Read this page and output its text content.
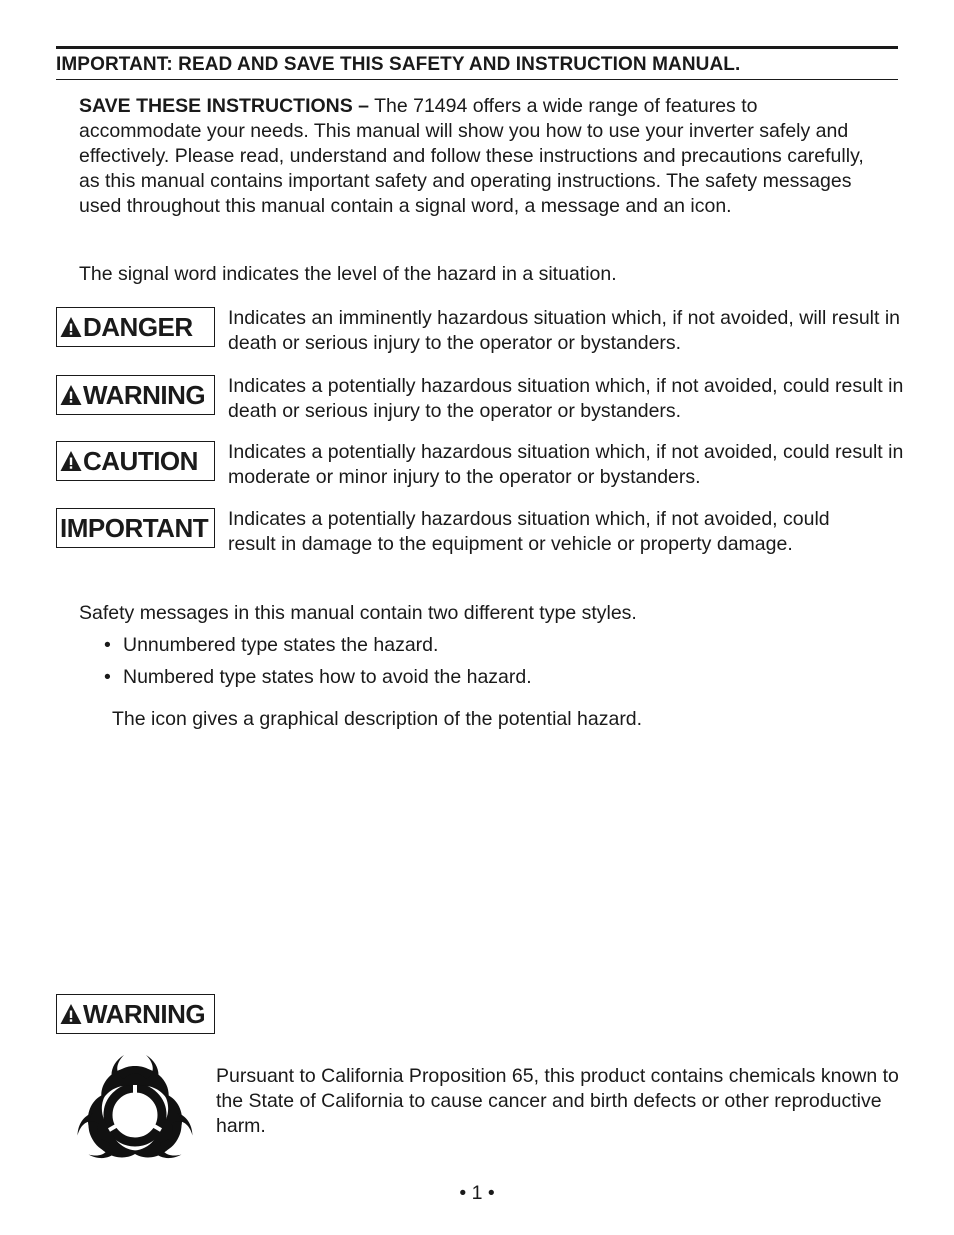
IMPORTANT: READ AND SAVE THIS SAFETY AND INSTRUCTION MANUAL.
SAVE THESE INSTRUCTIONS – The 71494 offers a wide range of features to accommodate your needs. This manual will show you how to use your inverter safely and effectively. Please read, understand and follow these instructions and precautions carefully, as this manual contains important safety and operating instructions. The safety messages used throughout this manual contain a signal word, a message and an icon.
The signal word indicates the level of the hazard in a situation.
DANGER Indicates an imminently hazardous situation which, if not avoided, will result in death or serious injury to the operator or bystanders.
WARNING Indicates a potentially hazardous situation which, if not avoided, could result in death or serious injury to the operator or bystanders.
CAUTION Indicates a potentially hazardous situation which, if not avoided, could result in moderate or minor injury to the operator or bystanders.
IMPORTANT Indicates a potentially hazardous situation which, if not avoided, could result in damage to the equipment or vehicle or property damage.
Safety messages in this manual contain two different type styles.
• Unnumbered type states the hazard.
• Numbered type states how to avoid the hazard.
The icon gives a graphical description of the potential hazard.
WARNING
Pursuant to California Proposition 65, this product contains chemicals known to the State of California to cause cancer and birth defects or other reproductive harm.
• 1 •
